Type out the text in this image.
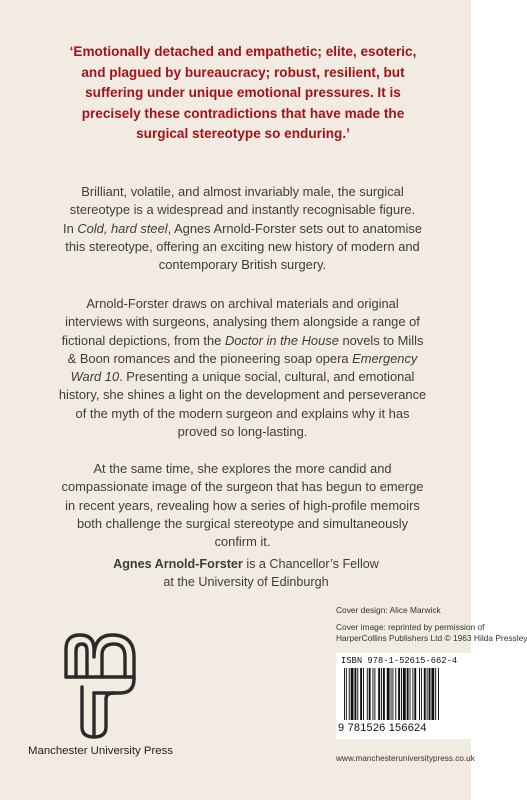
‘Emotionally detached and empathetic; elite, esoteric,
and plagued by bureaucracy; robust, resilient, but
suffering under unique emotional pressures. It is
precisely these contradictions that have made the
surgical stereotype so enduring.’

Brilliant, volatile, and almost invariably male, the surgical
stereotype is a widespread and instantly recognisable figure.
In Cold, hard steel, Agnes Arnold-Forster sets out to anatomise
this stereotype, offering an exciting new history of modern and
contemporary British surgery.

Arnold-Forster draws on archival materials and original
interviews with surgeons, analysing them alongside a range of
fictional depictions, from the Doctor in the House novels to Mills
& Boon romances and the pioneering soap opera Emergency
Ward 10. Presenting a unique social, cultural, and emotional
history, she shines a light on the development and perseverance
of the myth of the modern surgeon and explains why it has
proved so long-lasting.

At the same time, she explores the more candid and
compassionate image of the surgeon that has begun to emerge
in recent years, revealing how a series of high-profile memoirs
both challenge the surgical stereotype and simultaneously
confirm it.

Agnes Arnold-Forster is a Chancellor’s Fellow
at the University of Edinburgh

Cover design: Alice Marwick
Cover image: reprinted by permission of
HarperCollins Publishers Ltd © 1963 Hilda Pressley
Manchester University Press
ISBN 978-1-52615-662-4
9 781526 156624
www.manchesteruniversitypress.co.uk
